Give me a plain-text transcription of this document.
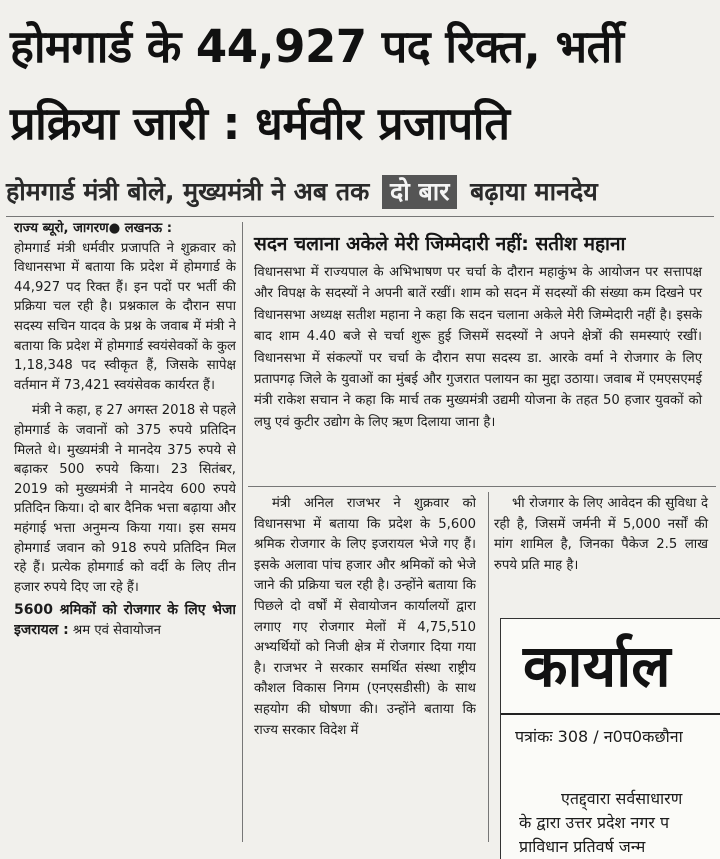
होमगार्ड के 44,927 पद रिक्त, भर्ती
प्रक्रिया जारी : धर्मवीर प्रजापति
होमगार्ड मंत्री बोले, मुख्यमंत्री ने अब तक दो बार बढ़ाया मानदेय

राज्य ब्यूरो, जागरण● लखनऊ :

होमगार्ड मंत्री धर्मवीर प्रजापति ने शुक्रवार को विधानसभा में बताया कि प्रदेश में होमगार्ड के 44,927 पद रिक्त हैं। इन पदों पर भर्ती की प्रक्रिया चल रही है। प्रश्नकाल के दौरान सपा सदस्य सचिन यादव के प्रश्न के जवाब में मंत्री ने बताया कि प्रदेश में होमगार्ड स्वयंसेवकों के कुल 1,18,348 पद स्वीकृत हैं, जिसके सापेक्ष वर्तमान में 73,421 स्वयंसेवक कार्यरत हैं।

मंत्री ने कहा, ह 27 अगस्त 2018 से पहले होमगार्ड के जवानों को 375 रुपये प्रतिदिन मिलते थे। मुख्यमंत्री ने मानदेय 375 रुपये से बढ़ाकर 500 रुपये किया। 23 सितंबर, 2019 को मुख्यमंत्री ने मानदेय 600 रुपये प्रतिदिन किया। दो बार दैनिक भत्ता बढ़ाया और महंगाई भत्ता अनुमन्य किया गया। इस समय होमगार्ड जवान को 918 रुपये प्रतिदिन मिल रहे हैं। प्रत्येक होमगार्ड को वर्दी के लिए तीन हजार रुपये दिए जा रहे हैं।

5600 श्रमिकों को रोजगार के लिए भेजा इजरायल : श्रम एवं सेवायोजन

सदन चलाना अकेले मेरी जिम्मेदारी नहीं: सतीश महाना
विधानसभा में राज्यपाल के अभिभाषण पर चर्चा के दौरान महाकुंभ के आयोजन पर सत्तापक्ष और विपक्ष के सदस्यों ने अपनी बातें रखीं। शाम को सदन में सदस्यों की संख्या कम दिखने पर विधानसभा अध्यक्ष सतीश महाना ने कहा कि सदन चलाना अकेले मेरी जिम्मेदारी नहीं है। इसके बाद शाम 4.40 बजे से चर्चा शुरू हुई जिसमें सदस्यों ने अपने क्षेत्रों की समस्याएं रखीं। विधानसभा में संकल्पों पर चर्चा के दौरान सपा सदस्य डा. आरके वर्मा ने रोजगार के लिए प्रतापगढ़ जिले के युवाओं का मुंबई और गुजरात पलायन का मुद्दा उठाया। जवाब में एमएसएमई मंत्री राकेश सचान ने कहा कि मार्च तक मुख्यमंत्री उद्यमी योजना के तहत 50 हजार युवकों को लघु एवं कुटीर उद्योग के लिए ऋण दिलाया जाना है।

मंत्री अनिल राजभर ने शुक्रवार को विधानसभा में बताया कि प्रदेश के 5,600 श्रमिक रोजगार के लिए इजरायल भेजे गए हैं। इसके अलावा पांच हजार और श्रमिकों को भेजे जाने की प्रक्रिया चल रही है। उन्होंने बताया कि पिछले दो वर्षों में सेवायोजन कार्यालयों द्वारा लगाए गए रोजगार मेलों में 4,75,510 अभ्यर्थियों को निजी क्षेत्र में रोजगार दिया गया है। राजभर ने सरकार समर्थित संस्था राष्ट्रीय कौशल विकास निगम (एनएसडीसी) के साथ सहयोग की घोषणा की। उन्होंने बताया कि राज्य सरकार विदेश में

भी रोजगार के लिए आवेदन की सुविधा दे रही है, जिसमें जर्मनी में 5,000 नर्सों की मांग शामिल है, जिनका पैकेज 2.5 लाख रुपये प्रति माह है।

कार्याल
पत्रांकः 308 / न0प0कछौना
एतद्द्वारा सर्वसाधारण
के द्वारा उत्तर प्रदेश नगर प
प्राविधान प्रतिवर्ष जन्म
